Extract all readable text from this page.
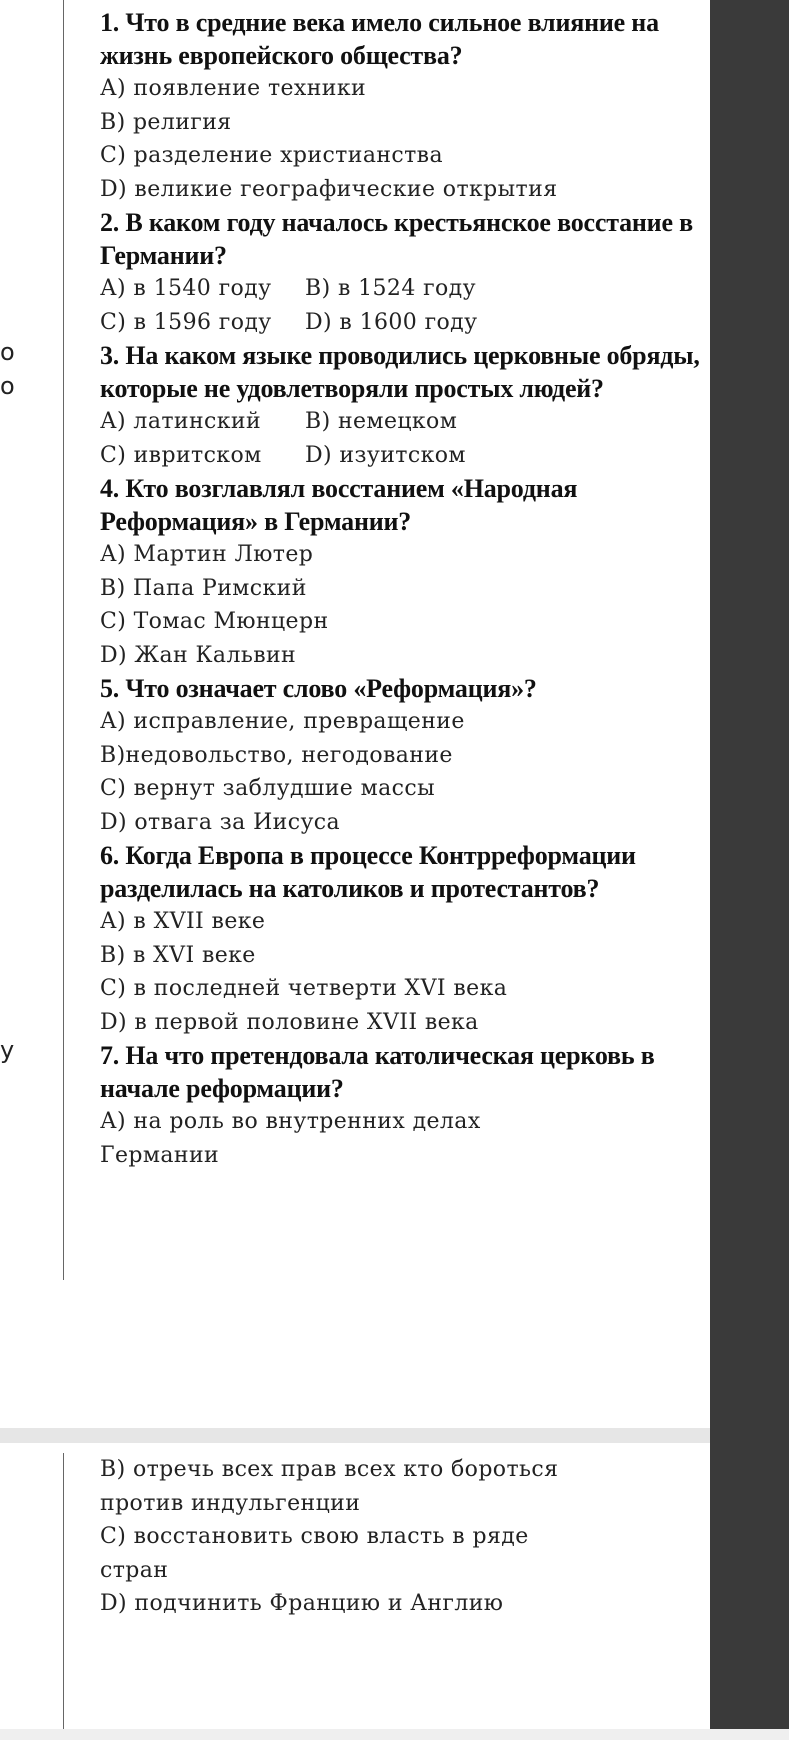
о
о
у
1. Что в средние века имело сильное влияние на жизнь европейского общества?
А) появление техники
В) религия
С) разделение христианства
D) великие географические открытия
2. В каком году началось крестьянское восстание в Германии?
А) в 1540 году	В) в 1524 году
С) в 1596 году	D) в 1600 году
3. На каком языке проводились церковные обряды, которые не удовлетворяли простых людей?
А) латинский	В) немецком
С) ивритском	D) изуитском
4. Кто возглавлял восстанием «Народная Реформация» в Германии?
А) Мартин Лютер
В) Папа Римский
С) Томас Мюнцерн
D) Жан Кальвин
5. Что означает слово «Реформация»?
А) исправление, превращение
В)недовольство, негодование
С) вернут заблудшие массы
D) отвага за Иисуса
6. Когда Европа в процессе Контрреформации разделилась на католиков и протестантов?
А) в XVII веке
В) в XVI веке
С) в последней четверти XVI века
D) в первой половине XVII века
7. На что претендовала католическая церковь в начале реформации?
А) на роль во внутренних делах Германии
В) отречь всех прав всех кто бороться против индульгенции
С) восстановить свою власть в ряде стран
D) подчинить Францию и Англию
